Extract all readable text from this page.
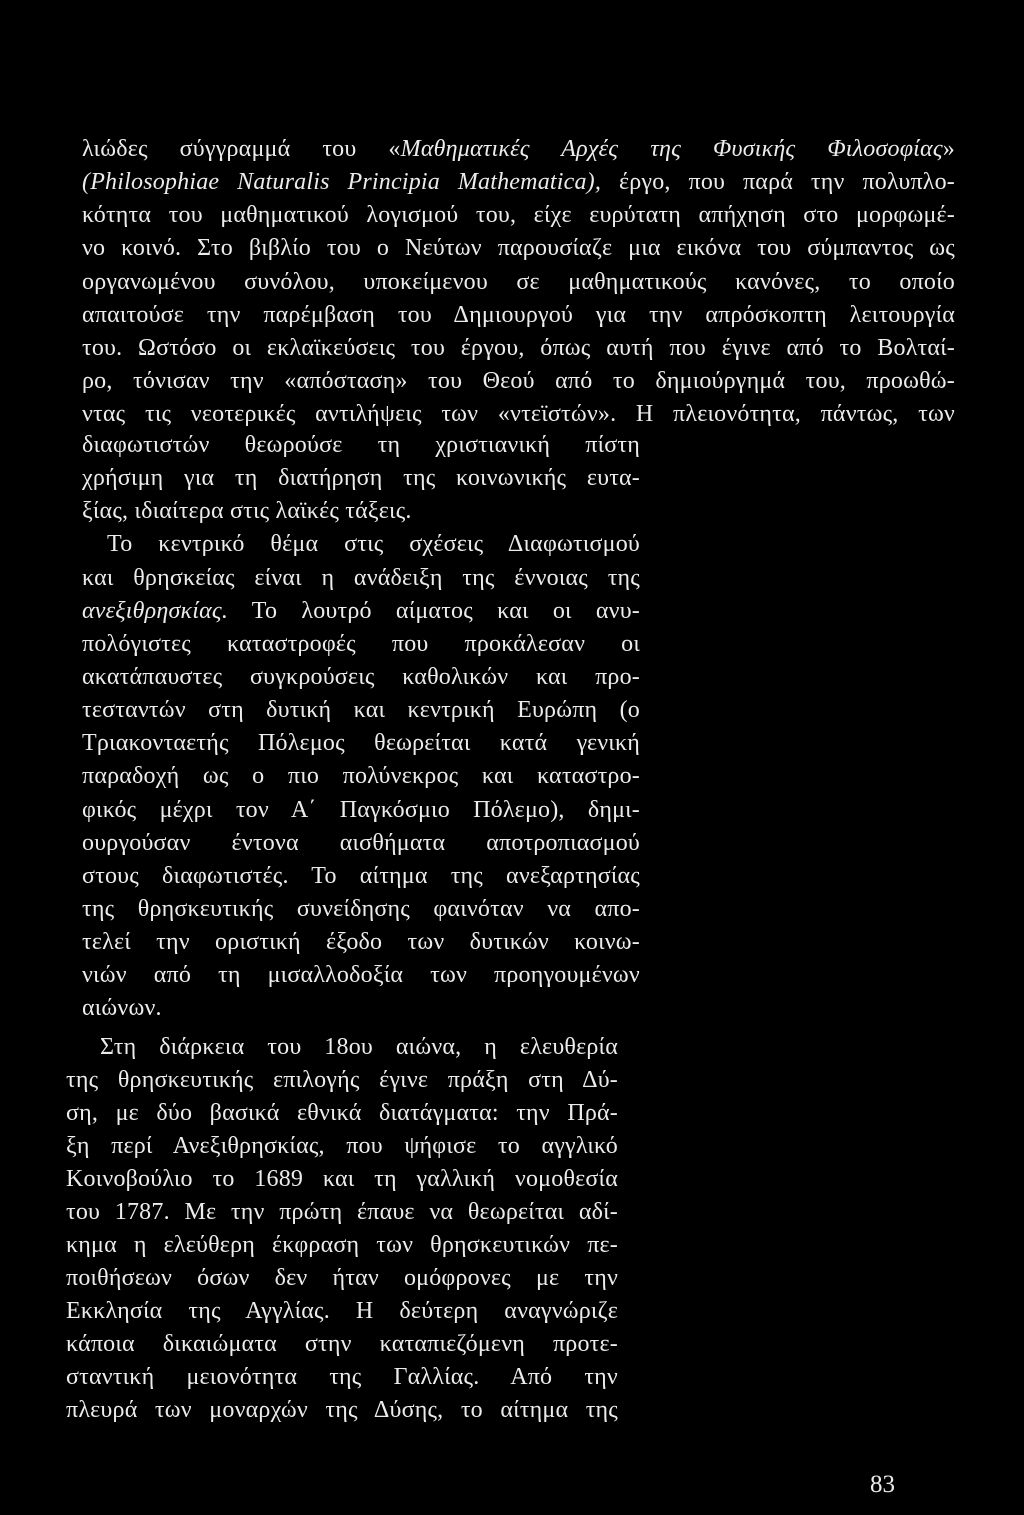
λιώδες σύγγραμμά του «Μαθηματικές Αρχές της Φυσικής Φιλοσοφίας»
(Philosophiae Naturalis Principia Mathematica), έργο, που παρά την πολυπλο-
κότητα του μαθηματικού λογισμού του, είχε ευρύτατη απήχηση στο μορφωμέ-
νο κοινό. Στο βιβλίο του ο Νεύτων παρουσίαζε μια εικόνα του σύμπαντος ως
οργανωμένου συνόλου, υποκείμενου σε μαθηματικούς κανόνες, το οποίο
απαιτούσε την παρέμβαση του Δημιουργού για την απρόσκοπτη λειτουργία
του. Ωστόσο οι εκλαϊκεύσεις του έργου, όπως αυτή που έγινε από το Βολταί-
ρο, τόνισαν την «απόσταση» του Θεού από το δημιούργημά του, προωθώ-
ντας τις νεοτερικές αντιλήψεις των «ντεϊστών». Η πλειονότητα, πάντως, των
διαφωτιστών θεωρούσε τη χριστιανική πίστη
χρήσιμη για τη διατήρηση της κοινωνικής ευτα-
ξίας, ιδιαίτερα στις λαϊκές τάξεις.
Το κεντρικό θέμα στις σχέσεις Διαφωτισμού
και θρησκείας είναι η ανάδειξη της έννοιας της
ανεξιθρησκίας. Το λουτρό αίματος και οι ανυ-
πολόγιστες καταστροφές που προκάλεσαν οι
ακατάπαυστες συγκρούσεις καθολικών και προ-
τεσταντών στη δυτική και κεντρική Ευρώπη (ο
Τριακονταετής Πόλεμος θεωρείται κατά γενική
παραδοχή ως ο πιο πολύνεκρος και καταστρο-
φικός μέχρι τον Α΄ Παγκόσμιο Πόλεμο), δημι-
ουργούσαν έντονα αισθήματα αποτροπιασμού
στους διαφωτιστές. Το αίτημα της ανεξαρτησίας
της θρησκευτικής συνείδησης φαινόταν να απο-
τελεί την οριστική έξοδο των δυτικών κοινω-
νιών από τη μισαλλοδοξία των προηγουμένων
αιώνων.
Στη διάρκεια του 18ου αιώνα, η ελευθερία
της θρησκευτικής επιλογής έγινε πράξη στη Δύ-
ση, με δύο βασικά εθνικά διατάγματα: την Πρά-
ξη περί Ανεξιθρησκίας, που ψήφισε το αγγλικό
Κοινοβούλιο το 1689 και τη γαλλική νομοθεσία
του 1787. Με την πρώτη έπαυε να θεωρείται αδί-
κημα η ελεύθερη έκφραση των θρησκευτικών πε-
ποιθήσεων όσων δεν ήταν ομόφρονες με την
Εκκλησία της Αγγλίας. Η δεύτερη αναγνώριζε
κάποια δικαιώματα στην καταπιεζόμενη προτε-
σταντική μειονότητα της Γαλλίας. Από την
πλευρά των μοναρχών της Δύσης, το αίτημα της
83
